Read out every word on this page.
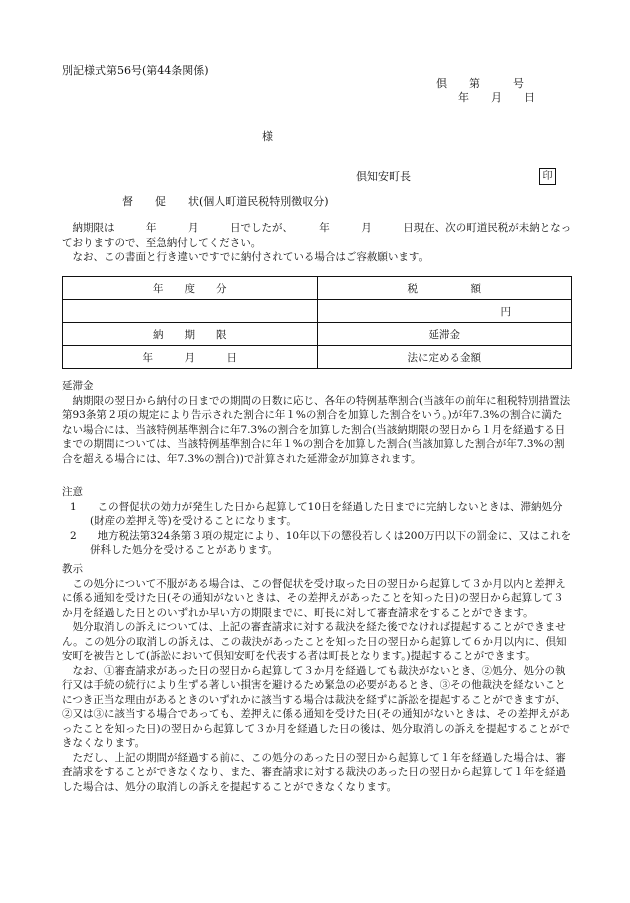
別記様式第56号(第44条関係)
倶　　第　　　号
年　　月　　日
様
倶知安町長	印
督　　促　　状(個人町道民税特別徴収分)

納期限は　　　年　　　月　　　日でしたが、　　　年　　　月　　　日現在、次の町道民税が未納となっておりますので、至急納付してください。

なお、この書面と行き違いですでに納付されている場合はご容赦願います。

年　　度　　分	税　　　　　額
	円
納　　期　　限	延滞金
年　　　月　　　日	法に定める金額

延滞金

納期限の翌日から納付の日までの期間の日数に応じ、各年の特例基準割合(当該年の前年に租税特別措置法第93条第２項の規定により告示された割合に年１%の割合を加算した割合をいう。)が年7.3%の割合に満たない場合には、当該特例基準割合に年7.3%の割合を加算した割合(当該納期限の翌日から１月を経過する日までの期間については、当該特例基準割合に年１%の割合を加算した割合(当該加算した割合が年7.3%の割合を超える場合には、年7.3%の割合))で計算された延滞金が加算されます。

注意

1　　この督促状の効力が発生した日から起算して10日を経過した日までに完納しないときは、滞納処分(財産の差押え等)を受けることになります。

2　　地方税法第324条第３項の規定により、10年以下の懲役若しくは200万円以下の罰金に、又はこれを併科した処分を受けることがあります。

教示

この処分について不服がある場合は、この督促状を受け取った日の翌日から起算して３か月以内と差押えに係る通知を受けた日(その通知がないときは、その差押えがあったことを知った日)の翌日から起算して３か月を経過した日とのいずれか早い方の期限までに、町長に対して審査請求をすることができます。

処分取消しの訴えについては、上記の審査請求に対する裁決を経た後でなければ提起することができません。この処分の取消しの訴えは、この裁決があったことを知った日の翌日から起算して６か月以内に、倶知安町を被告として(訴訟において倶知安町を代表する者は町長となります。)提起することができます。

なお、①審査請求があった日の翌日から起算して３か月を経過しても裁決がないとき、②処分、処分の執行又は手続の続行により生ずる著しい損害を避けるため緊急の必要があるとき、③その他裁決を経ないことにつき正当な理由があるときのいずれかに該当する場合は裁決を経ずに訴訟を提起することができますが、②又は③に該当する場合であっても、差押えに係る通知を受けた日(その通知がないときは、その差押えがあったことを知った日)の翌日から起算して３か月を経過した日の後は、処分取消しの訴えを提起することができなくなります。

ただし、上記の期間が経過する前に、この処分のあった日の翌日から起算して１年を経過した場合は、審査請求をすることができなくなり、また、審査請求に対する裁決のあった日の翌日から起算して１年を経過した場合は、処分の取消しの訴えを提起することができなくなります。
